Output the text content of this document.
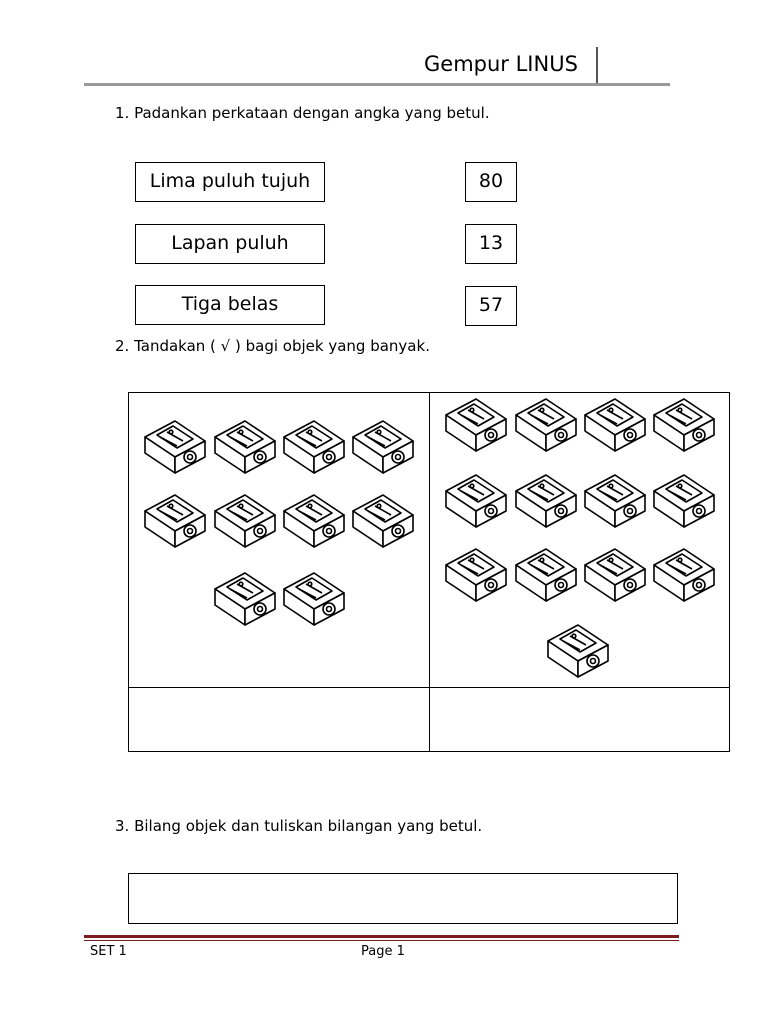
Gempur LINUS
1. Padankan perkataan dengan angka yang betul.
Lima puluh tujuh
Lapan puluh
Tiga belas
80
13
57
2. Tandakan ( √ ) bagi objek yang banyak.
3. Bilang objek dan tuliskan bilangan yang betul.
SET 1	Page 1
